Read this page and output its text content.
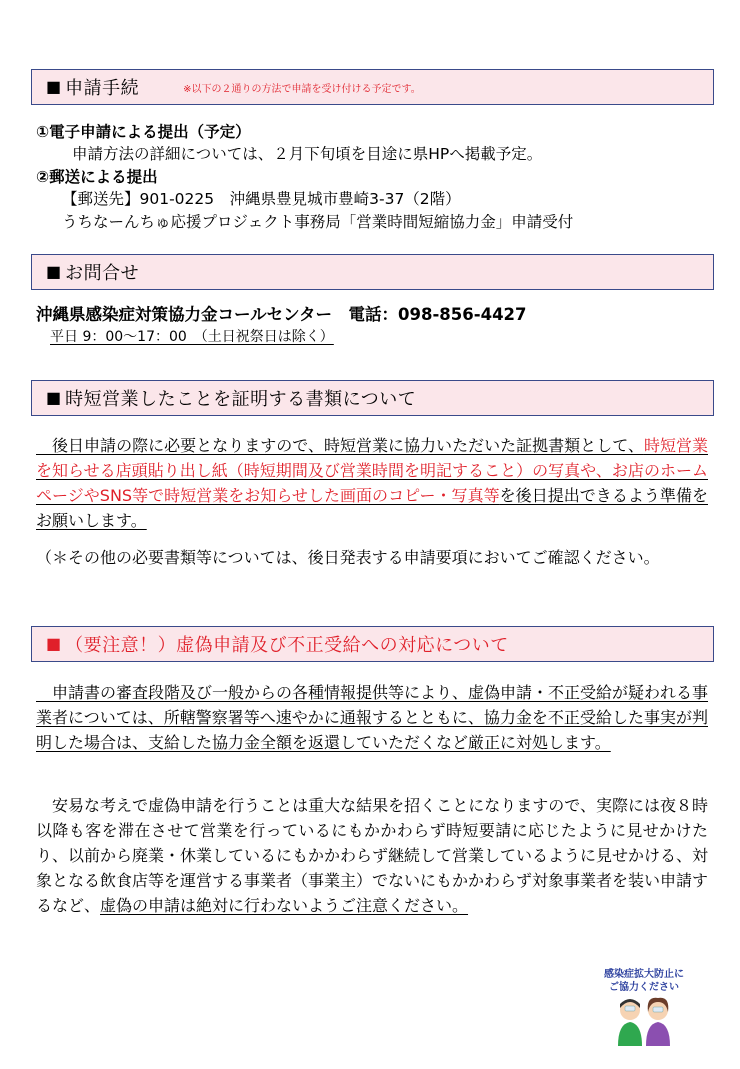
■ 申請手続	※以下の２通りの方法で申請を受け付ける予定です。
①電子申請による提出（予定）
申請方法の詳細については、２月下旬頃を目途に県HPへ掲載予定。
②郵送による提出
【郵送先】901-0225　沖縄県豊見城市豊崎3-37（2階）
うちなーんちゅ応援プロジェクト事務局「営業時間短縮協力金」申請受付
■ お問合せ
沖縄県感染症対策協力金コールセンター　電話：098-856-4427
平日 9：00～17：00　（土日祝祭日は除く）
■ 時短営業したことを証明する書類について
　後日申請の際に必要となりますので、時短営業に協力いただいた証拠書類として、時短営業を知らせる店頭貼り出し紙（時短期間及び営業時間を明記すること）の写真や、お店のホームページやSNS等で時短営業をお知らせした画面のコピー・写真等を後日提出できるよう準備をお願いします。
（＊その他の必要書類等については、後日発表する申請要項においてご確認ください。
■ （要注意！）虚偽申請及び不正受給への対応について
　申請書の審査段階及び一般からの各種情報提供等により、虚偽申請・不正受給が疑われる事業者については、所轄警察署等へ速やかに通報するとともに、協力金を不正受給した事実が判明した場合は、支給した協力金全額を返還していただくなど厳正に対処します。
　安易な考えで虚偽申請を行うことは重大な結果を招くことになりますので、実際には夜８時以降も客を滞在させて営業を行っているにもかかわらず時短要請に応じたように見せかけたり、以前から廃業・休業しているにもかかわらず継続して営業しているように見せかける、対象となる飲食店等を運営する事業者（事業主）でないにもかかわらず対象事業者を装い申請するなど、虚偽の申請は絶対に行わないようご注意ください。
感染症拡大防止に
ご協力ください
